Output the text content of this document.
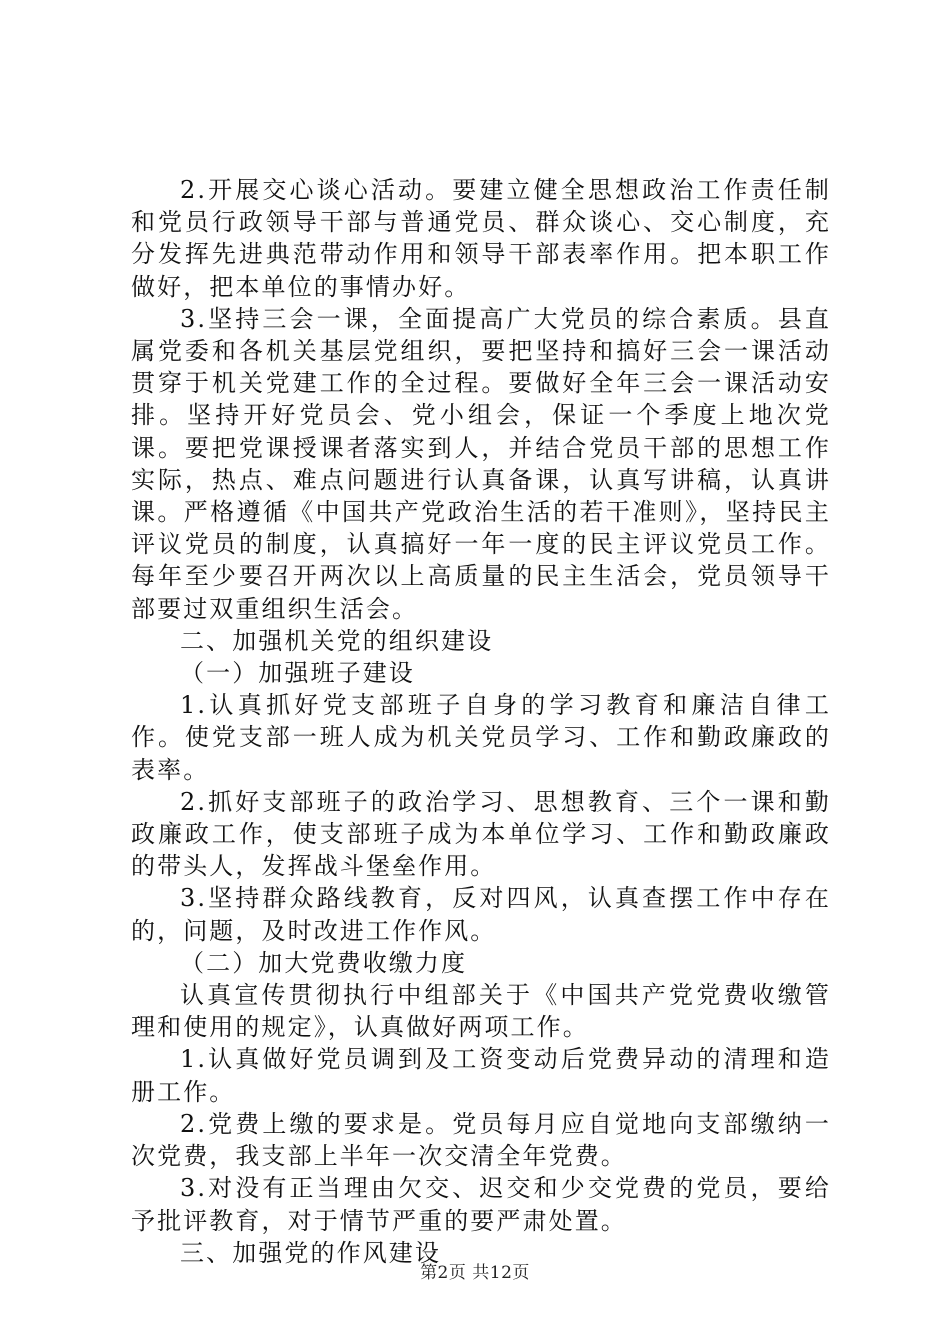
2.开展交心谈心活动。要建立健全思想政治工作责任制和党员行政领导干部与普通党员、群众谈心、交心制度，充分发挥先进典范带动作用和领导干部表率作用。把本职工作做好，把本单位的事情办好。

3.坚持三会一课，全面提高广大党员的综合素质。县直属党委和各机关基层党组织，要把坚持和搞好三会一课活动贯穿于机关党建工作的全过程。要做好全年三会一课活动安排。坚持开好党员会、党小组会，保证一个季度上地次党课。要把党课授课者落实到人，并结合党员干部的思想工作实际，热点、难点问题进行认真备课，认真写讲稿，认真讲课。严格遵循《中国共产党政治生活的若干准则》，坚持民主评议党员的制度，认真搞好一年一度的民主评议党员工作。每年至少要召开两次以上高质量的民主生活会，党员领导干部要过双重组织生活会。

二、加强机关党的组织建设

（一）加强班子建设

1.认真抓好党支部班子自身的学习教育和廉洁自律工作。使党支部一班人成为机关党员学习、工作和勤政廉政的表率。

2.抓好支部班子的政治学习、思想教育、三个一课和勤政廉政工作，使支部班子成为本单位学习、工作和勤政廉政的带头人，发挥战斗堡垒作用。

3.坚持群众路线教育，反对四风，认真查摆工作中存在的，问题，及时改进工作作风。

（二）加大党费收缴力度

认真宣传贯彻执行中组部关于《中国共产党党费收缴管理和使用的规定》，认真做好两项工作。

1.认真做好党员调到及工资变动后党费异动的清理和造册工作。

2.党费上缴的要求是。党员每月应自觉地向支部缴纳一次党费，我支部上半年一次交清全年党费。

3.对没有正当理由欠交、迟交和少交党费的党员，要给予批评教育，对于情节严重的要严肃处置。

三、加强党的作风建设

第2页 共12页
